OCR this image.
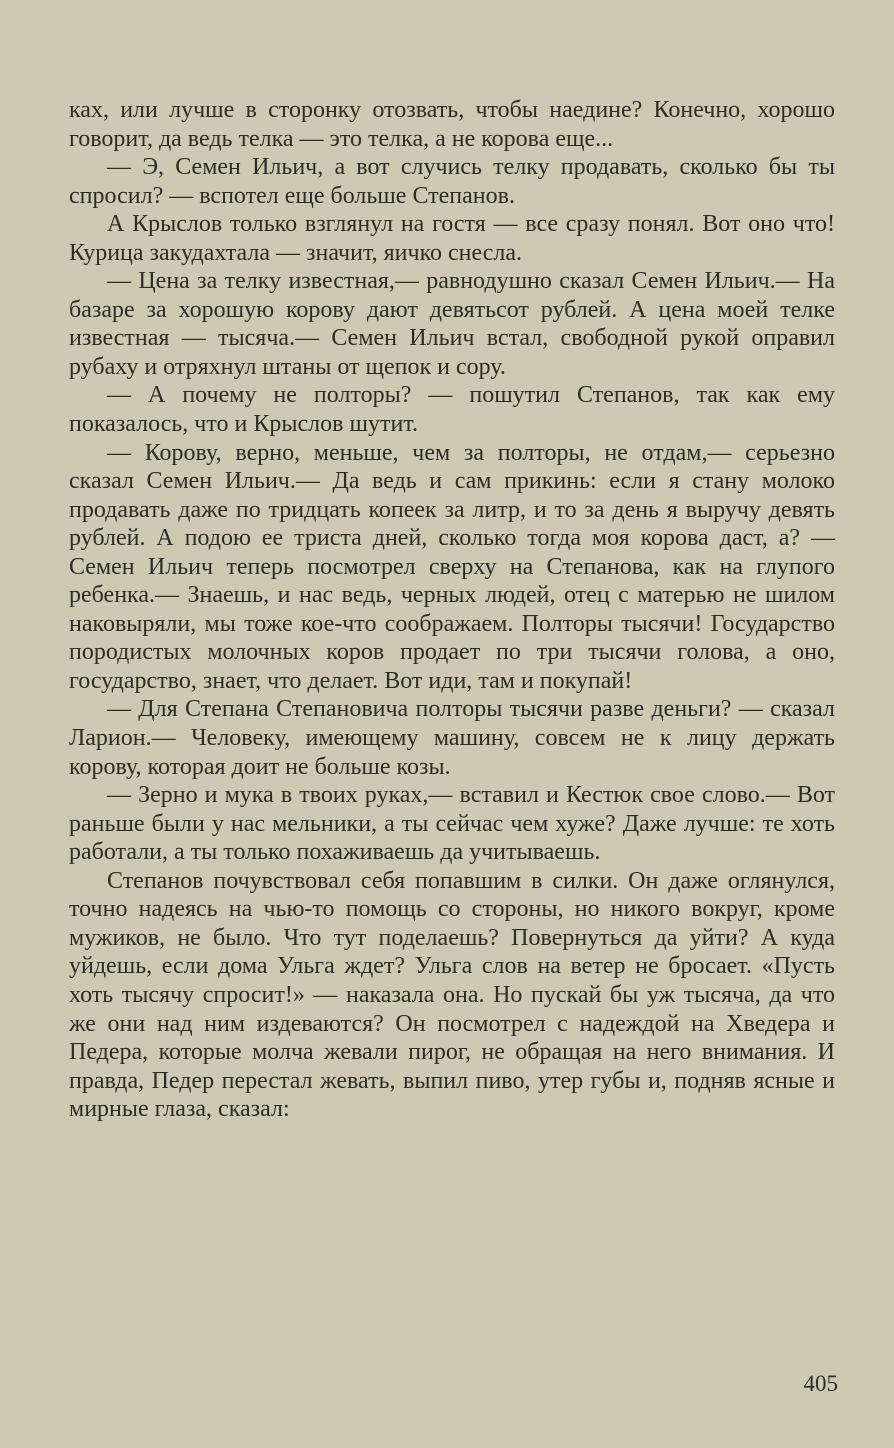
ках, или лучше в сторонку отозвать, чтобы наедине? Конечно, хорошо говорит, да ведь телка — это телка, а не корова еще...

— Э, Семен Ильич, а вот случись телку продавать, сколько бы ты спросил? — вспотел еще больше Степанов.

А Крыслов только взглянул на гостя — все сразу понял. Вот оно что! Курица закудахтала — значит, яичко снесла.

— Цена за телку известная,— равнодушно сказал Семен Ильич.— На базаре за хорошую корову дают девятьсот рублей. А цена моей телке известная — тысяча.— Семен Ильич встал, свободной рукой оправил рубаху и отряхнул штаны от щепок и сору.

— А почему не полторы? — пошутил Степанов, так как ему показалось, что и Крыслов шутит.

— Корову, верно, меньше, чем за полторы, не отдам,— серьезно сказал Семен Ильич.— Да ведь и сам прикинь: если я стану молоко продавать даже по тридцать копеек за литр, и то за день я выручу девять рублей. А подою ее триста дней, сколько тогда моя корова даст, а? — Семен Ильич теперь посмотрел сверху на Степанова, как на глупого ребенка.— Знаешь, и нас ведь, черных людей, отец с матерью не шилом наковыряли, мы тоже кое-что соображаем. Полторы тысячи! Государство породистых молочных коров продает по три тысячи голова, а оно, государство, знает, что делает. Вот иди, там и покупай!

— Для Степана Степановича полторы тысячи разве деньги? — сказал Ларион.— Человеку, имеющему машину, совсем не к лицу держать корову, которая доит не больше козы.

— Зерно и мука в твоих руках,— вставил и Кестюк свое слово.— Вот раньше были у нас мельники, а ты сейчас чем хуже? Даже лучше: те хоть работали, а ты только похаживаешь да учитываешь.

Степанов почувствовал себя попавшим в силки. Он даже оглянулся, точно надеясь на чью-то помощь со стороны, но никого вокруг, кроме мужиков, не было. Что тут поделаешь? Повернуться да уйти? А куда уйдешь, если дома Ульга ждет? Ульга слов на ветер не бросает. «Пусть хоть тысячу спросит!» — наказала она. Но пускай бы уж тысяча, да что же они над ним издеваются? Он посмотрел с надеждой на Хведера и Педера, которые молча жевали пирог, не обращая на него внимания. И правда, Педер перестал жевать, выпил пиво, утер губы и, подняв ясные и мирные глаза, сказал:

405
